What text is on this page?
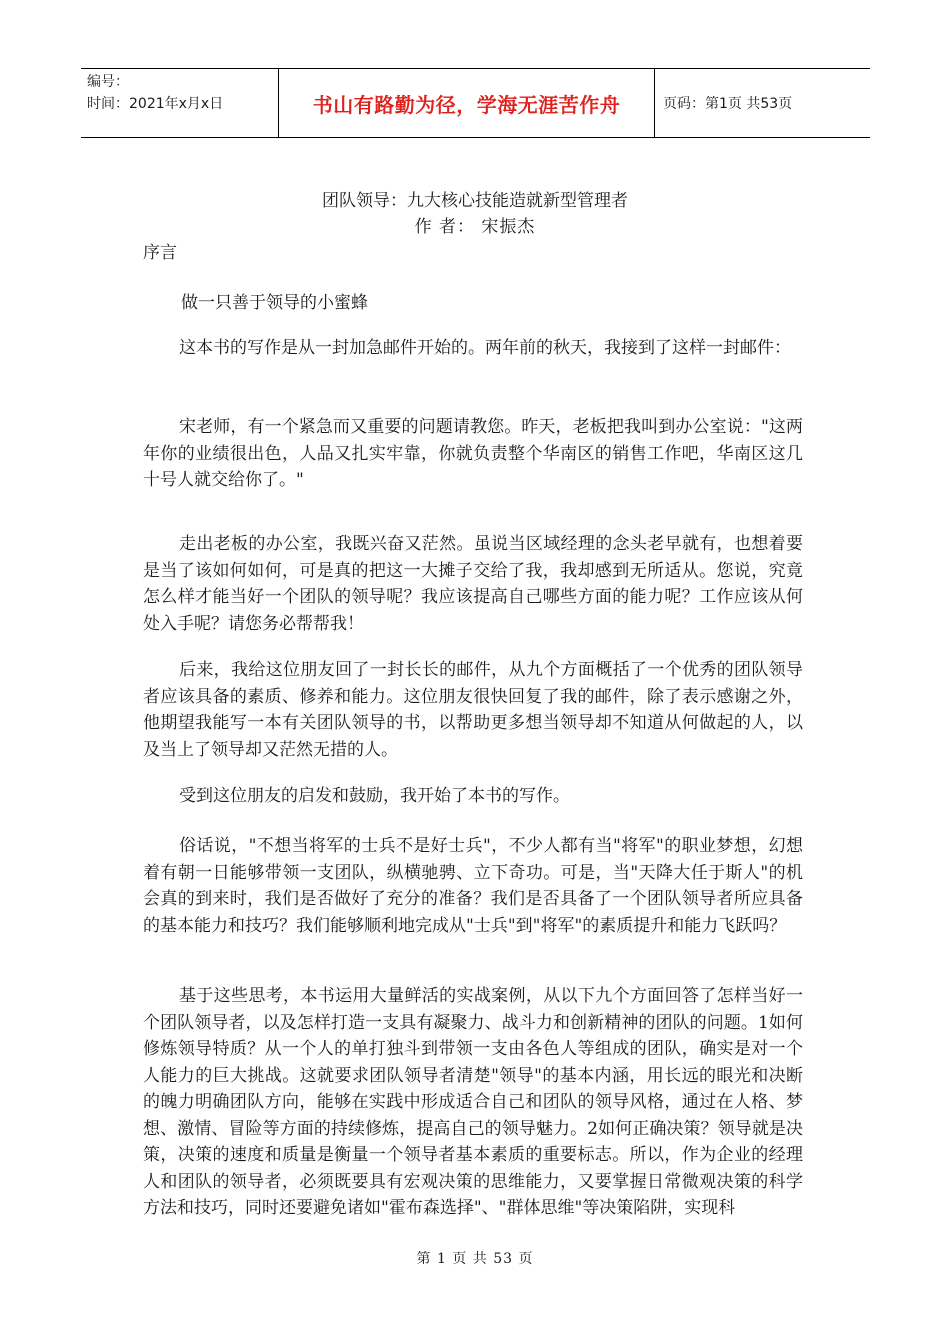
编号：
时间：2021年x月x日	书山有路勤为径，学海无涯苦作舟	页码：第1页 共53页
团队领导：九大核心技能造就新型管理者
作 者： 宋振杰
序言
做一只善于领导的小蜜蜂

这本书的写作是从一封加急邮件开始的。两年前的秋天，我接到了这样一封邮件：

宋老师，有一个紧急而又重要的问题请教您。昨天，老板把我叫到办公室说："这两年你的业绩很出色，人品又扎实牢靠，你就负责整个华南区的销售工作吧，华南区这几十号人就交给你了。"

走出老板的办公室，我既兴奋又茫然。虽说当区域经理的念头老早就有，也想着要是当了该如何如何，可是真的把这一大摊子交给了我，我却感到无所适从。您说，究竟怎么样才能当好一个团队的领导呢？我应该提高自己哪些方面的能力呢？工作应该从何处入手呢？请您务必帮帮我！

后来，我给这位朋友回了一封长长的邮件，从九个方面概括了一个优秀的团队领导者应该具备的素质、修养和能力。这位朋友很快回复了我的邮件，除了表示感谢之外，他期望我能写一本有关团队领导的书，以帮助更多想当领导却不知道从何做起的人，以及当上了领导却又茫然无措的人。

受到这位朋友的启发和鼓励，我开始了本书的写作。

俗话说，"不想当将军的士兵不是好士兵"，不少人都有当"将军"的职业梦想，幻想着有朝一日能够带领一支团队，纵横驰骋、立下奇功。可是，当"天降大任于斯人"的机会真的到来时，我们是否做好了充分的准备？我们是否具备了一个团队领导者所应具备的基本能力和技巧？我们能够顺利地完成从"士兵"到"将军"的素质提升和能力飞跃吗？

基于这些思考，本书运用大量鲜活的实战案例，从以下九个方面回答了怎样当好一个团队领导者，以及怎样打造一支具有凝聚力、战斗力和创新精神的团队的问题。1如何修炼领导特质？从一个人的单打独斗到带领一支由各色人等组成的团队，确实是对一个人能力的巨大挑战。这就要求团队领导者清楚"领导"的基本内涵，用长远的眼光和决断的魄力明确团队方向，能够在实践中形成适合自己和团队的领导风格，通过在人格、梦想、激情、冒险等方面的持续修炼，提高自己的领导魅力。2如何正确决策？领导就是决策，决策的速度和质量是衡量一个领导者基本素质的重要标志。所以，作为企业的经理人和团队的领导者，必须既要具有宏观决策的思维能力，又要掌握日常微观决策的科学方法和技巧，同时还要避免诸如"霍布森选择"、"群体思维"等决策陷阱，实现科

第 1 页 共 53 页
